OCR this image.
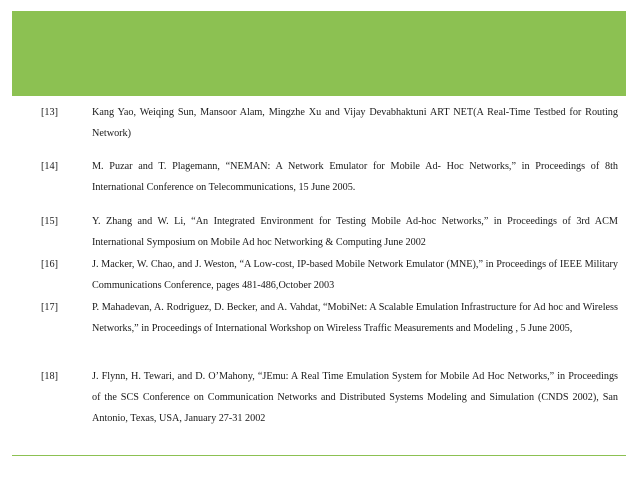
[13]	Kang Yao, Weiqing Sun, Mansoor Alam, Mingzhe Xu and Vijay Devabhaktuni ART NET(A Real-Time Testbed for Routing Network)
[14]	M. Puzar and T. Plagemann, “NEMAN: A Network Emulator for Mobile Ad- Hoc Networks,” in Proceedings of 8th International Conference on Telecommunications, 15 June 2005.
[15]	Y. Zhang and W. Li, “An Integrated Environment for Testing Mobile Ad-hoc Networks,” in Proceedings of 3rd ACM International Symposium on Mobile Ad hoc Networking & Computing June 2002
[16]	J. Macker, W. Chao, and J. Weston, “A Low-cost, IP-based Mobile Network Emulator (MNE),” in Proceedings of IEEE Military Communications Conference, pages 481-486,October 2003
[17]	P. Mahadevan, A. Rodriguez, D. Becker, and A. Vahdat, “MobiNet: A Scalable Emulation Infrastructure for Ad hoc and Wireless Networks,” in Proceedings of International Workshop on Wireless Traffic Measurements and Modeling , 5 June 2005,
[18]	J. Flynn, H. Tewari, and D. O’Mahony, “JEmu: A Real Time Emulation System for Mobile Ad Hoc Networks,” in Proceedings of the SCS Conference on Communication Networks and Distributed Systems Modeling and Simulation (CNDS 2002), San Antonio, Texas, USA, January 27-31 2002
